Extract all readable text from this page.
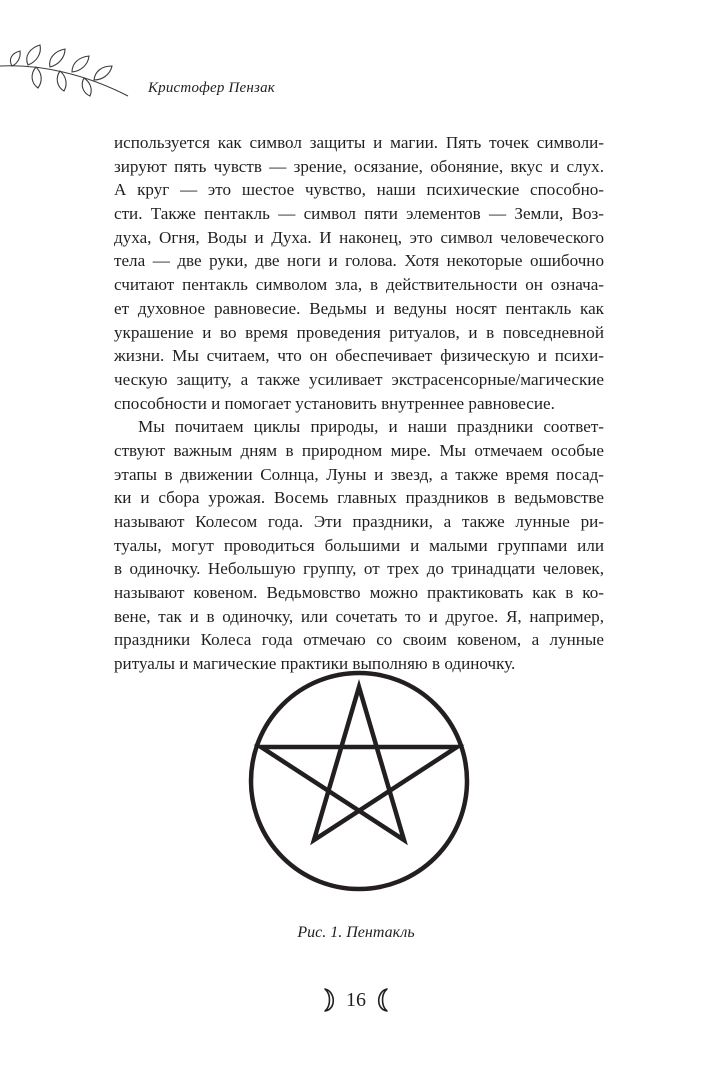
Кристофер Пензак
используется как символ защиты и магии. Пять точек символи-
зируют пять чувств — зрение, осязание, обоняние, вкус и слух.
А круг — это шестое чувство, наши психические способно-
сти. Также пентакль — символ пяти элементов — Земли, Воз-
духа, Огня, Воды и Духа. И наконец, это символ человеческого
тела — две руки, две ноги и голова. Хотя некоторые ошибочно
считают пентакль символом зла, в действительности он означа-
ет духовное равновесие. Ведьмы и ведуны носят пентакль как
украшение и во время проведения ритуалов, и в повседневной
жизни. Мы считаем, что он обеспечивает физическую и психи-
ческую защиту, а также усиливает экстрасенсорные/магические
способности и помогает установить внутреннее равновесие.
Мы почитаем циклы природы, и наши праздники соответ-
ствуют важным дням в природном мире. Мы отмечаем особые
этапы в движении Солнца, Луны и звезд, а также время посад-
ки и сбора урожая. Восемь главных праздников в ведьмовстве
называют Колесом года. Эти праздники, а также лунные ри-
туалы, могут проводиться большими и малыми группами или
в одиночку. Небольшую группу, от трех до тринадцати человек,
называют ковеном. Ведьмовство можно практиковать как в ко-
вене, так и в одиночку, или сочетать то и другое. Я, например,
праздники Колеса года отмечаю со своим ковеном, а лунные
ритуалы и магические практики выполняю в одиночку.
Рис. 1. Пентакль
16
